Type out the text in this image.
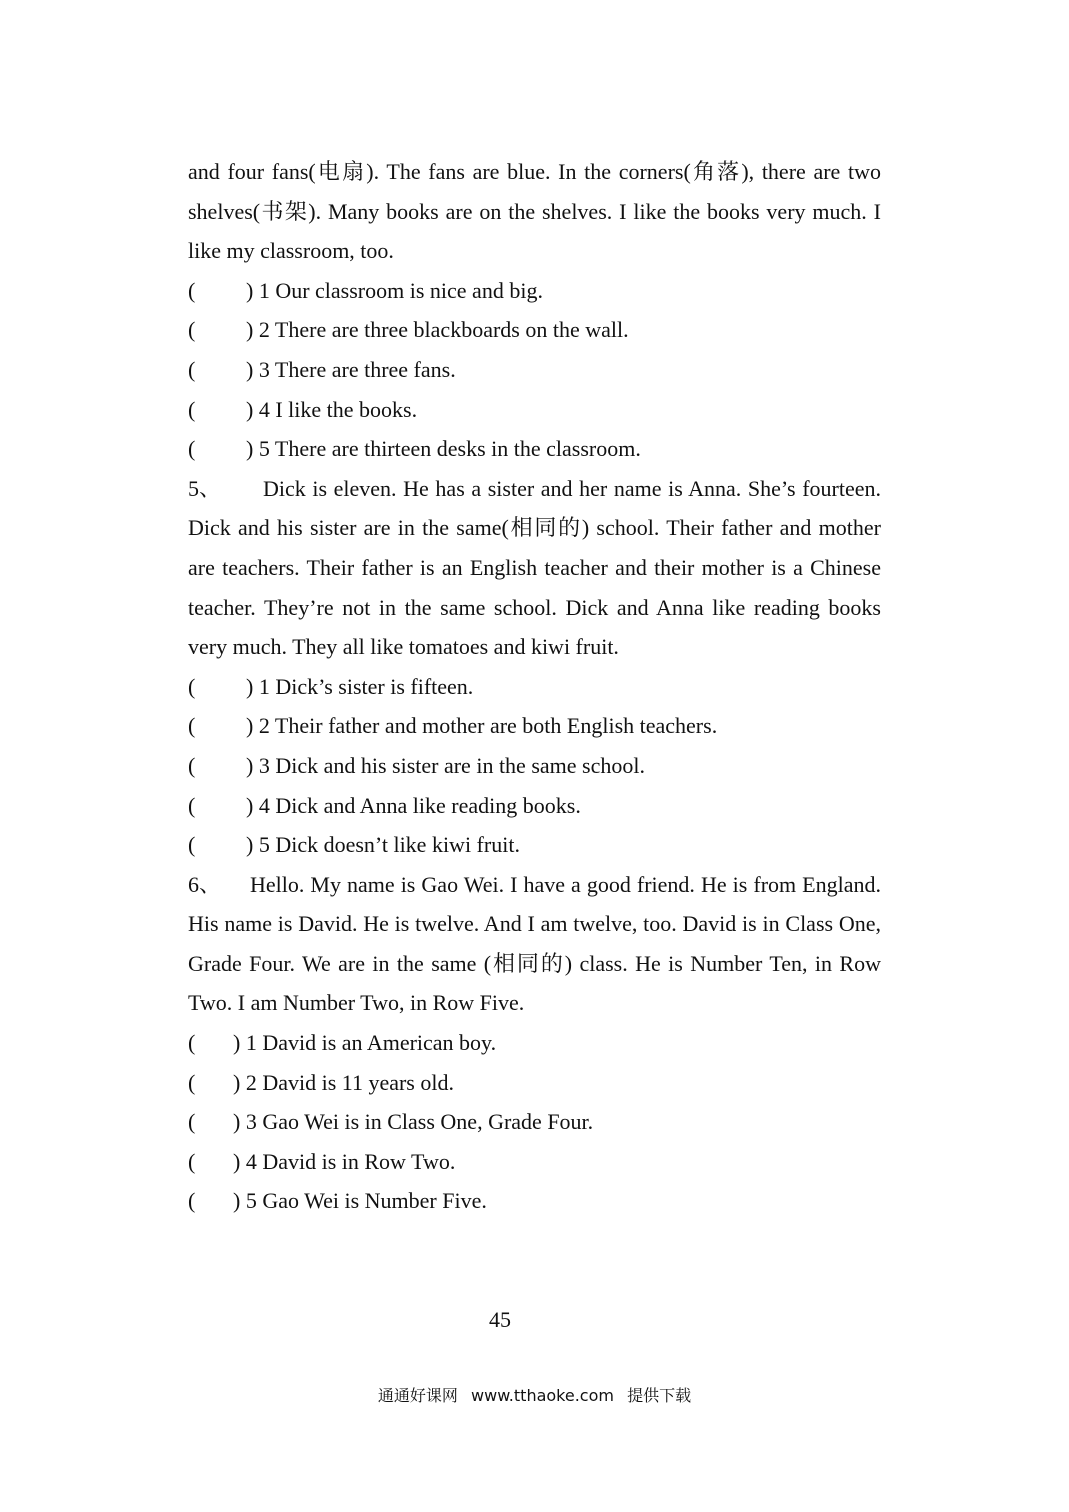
and four fans(电扇). The fans are blue. In the corners(角落), there are two shelves(书架). Many books are on the shelves. I like the books very much. I like my classroom, too.

( ) 1 Our classroom is nice and big.

( ) 2 There are three blackboards on the wall.

( ) 3 There are three fans.

( ) 4 I like the books.

( ) 5 There are thirteen desks in the classroom.

5、 Dick is eleven. He has a sister and her name is Anna. She’s fourteen. Dick and his sister are in the same(相同的) school. Their father and mother are teachers. Their father is an English teacher and their mother is a Chinese teacher. They’re not in the same school. Dick and Anna like reading books very much. They all like tomatoes and kiwi fruit.

( ) 1 Dick’s sister is fifteen.

( ) 2 Their father and mother are both English teachers.

( ) 3 Dick and his sister are in the same school.

( ) 4 Dick and Anna like reading books.

( ) 5 Dick doesn’t like kiwi fruit.

6、 Hello. My name is Gao Wei. I have a good friend. He is from England. His name is David. He is twelve. And I am twelve, too. David is in Class One, Grade Four. We are in the same (相同的) class. He is Number Ten, in Row Two. I am Number Two, in Row Five.

( ) 1 David is an American boy.

( ) 2 David is 11 years old.

( ) 3 Gao Wei is in Class One, Grade Four.

( ) 4 David is in Row Two.

( ) 5 Gao Wei is Number Five.

45
通通好课网 www.tthaoke.com 提供下载
